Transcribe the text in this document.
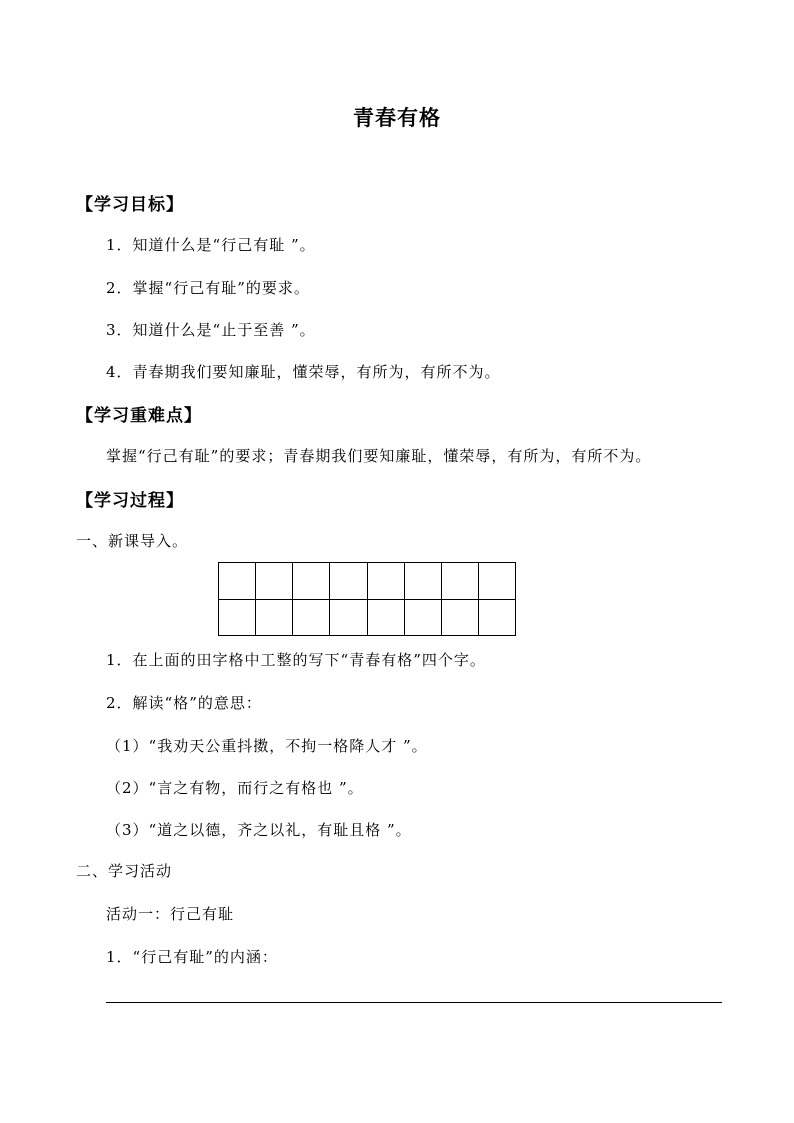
青春有格
【学习目标】
1．知道什么是“行己有耻 ”。
2．掌握“行己有耻”的要求。
3．知道什么是“止于至善 ”。
4．青春期我们要知廉耻，懂荣辱，有所为，有所不为。
【学习重难点】
掌握“行己有耻”的要求；青春期我们要知廉耻，懂荣辱，有所为，有所不为。
【学习过程】
一、新课导入。
1．在上面的田字格中工整的写下“青春有格”四个字。
2．解读“格”的意思：
（1）“我劝天公重抖擞，不拘一格降人才 ”。
（2）“言之有物，而行之有格也 ”。
（3）“道之以德，齐之以礼，有耻且格 ”。
二、学习活动
活动一：行己有耻
1．“行己有耻”的内涵：
